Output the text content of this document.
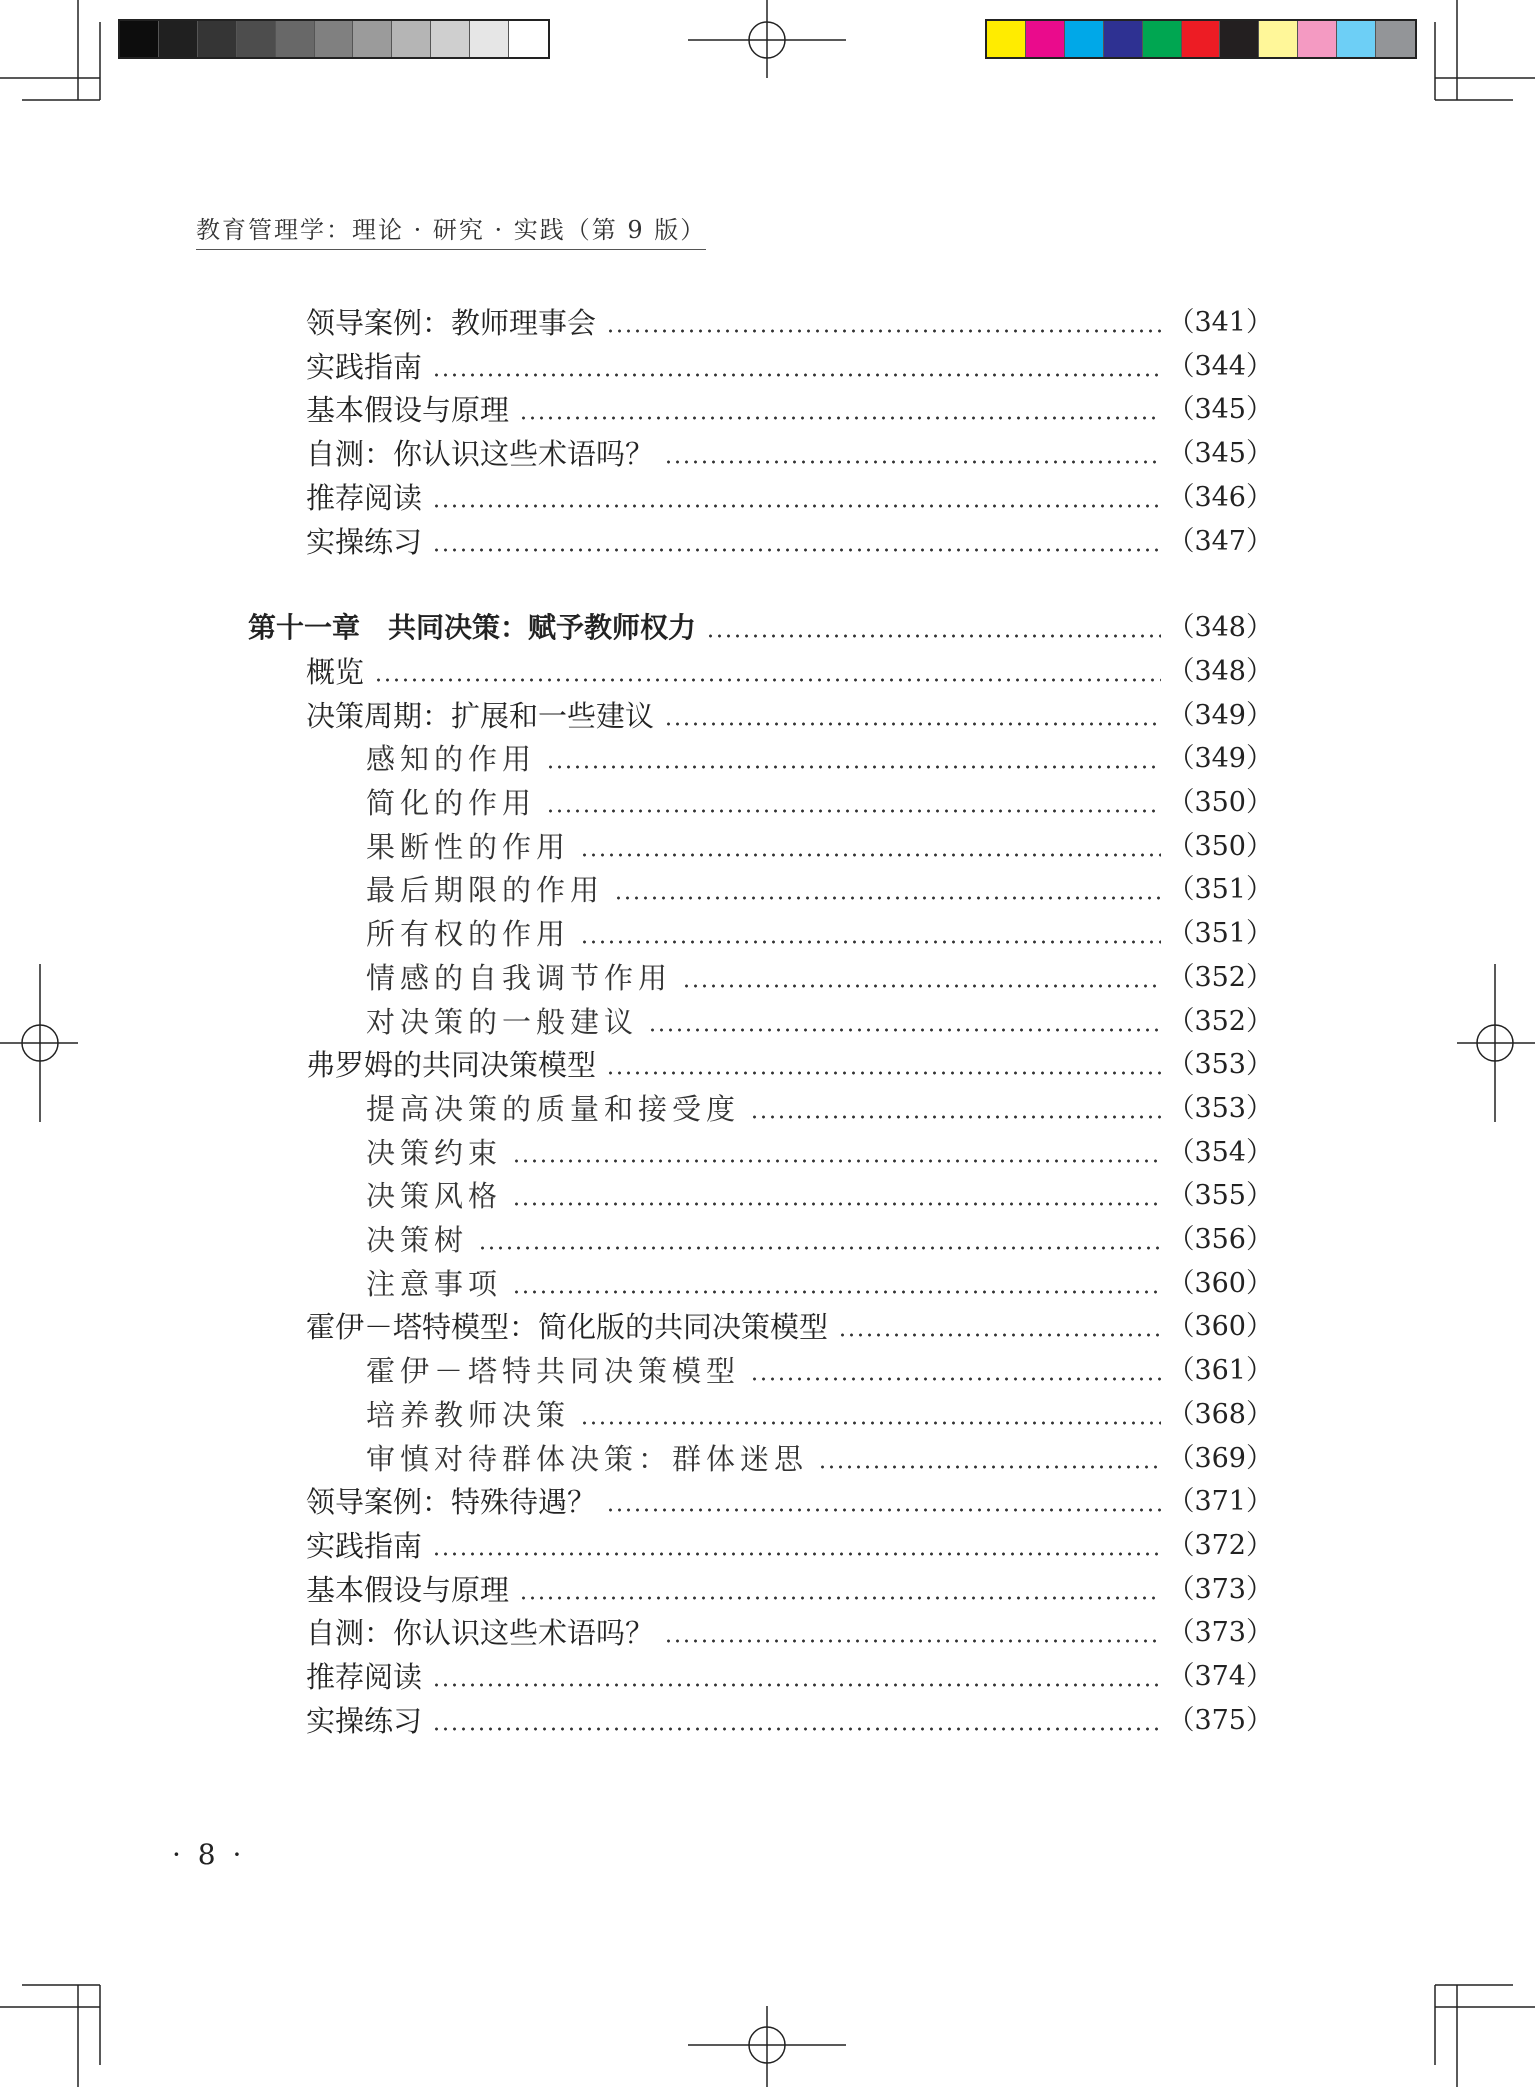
教育管理学：理论 · 研究 · 实践（第 9 版）
领导案例：教师理事会	（341）
实践指南	（344）
基本假设与原理	（345）
自测：你认识这些术语吗？	（345）
推荐阅读	（346）
实操练习	（347）
第十一章　共同决策：赋予教师权力	（348）
概览	（348）
决策周期：扩展和一些建议	（349）
感知的作用	（349）
简化的作用	（350）
果断性的作用	（350）
最后期限的作用	（351）
所有权的作用	（351）
情感的自我调节作用	（352）
对决策的一般建议	（352）
弗罗姆的共同决策模型	（353）
提高决策的质量和接受度	（353）
决策约束	（354）
决策风格	（355）
决策树	（356）
注意事项	（360）
霍伊－塔特模型：简化版的共同决策模型	（360）
霍伊－塔特共同决策模型	（361）
培养教师决策	（368）
审慎对待群体决策：群体迷思	（369）
领导案例：特殊待遇？	（371）
实践指南	（372）
基本假设与原理	（373）
自测：你认识这些术语吗？	（373）
推荐阅读	（374）
实操练习	（375）
· 8 ·
